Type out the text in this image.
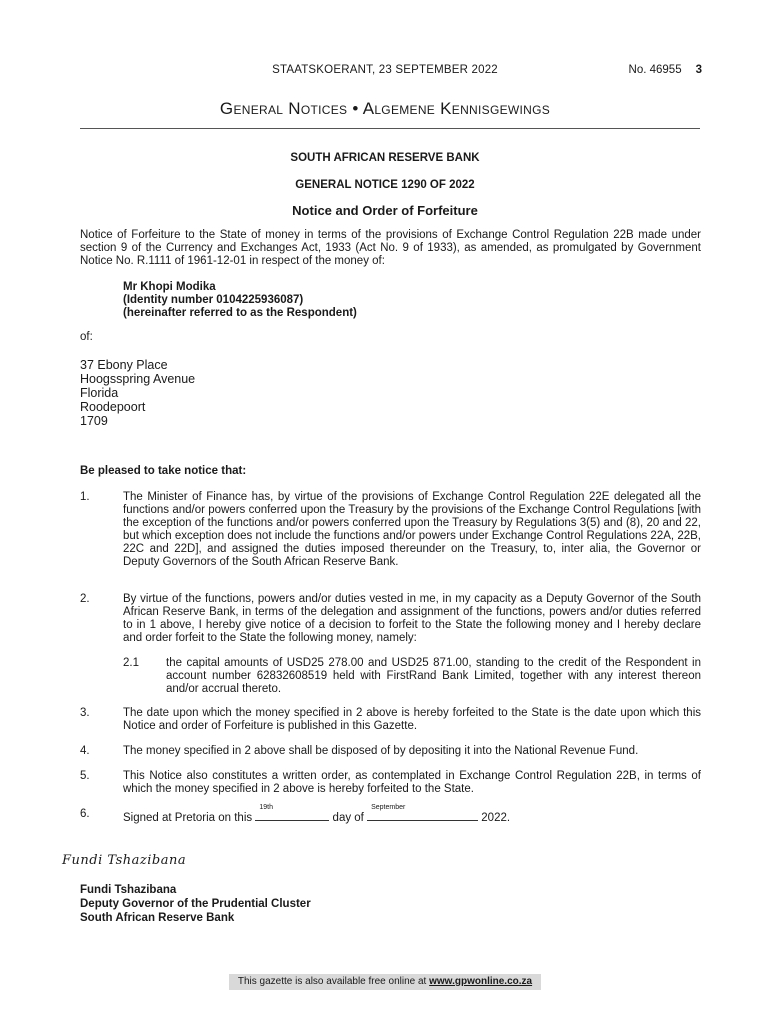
STAATSKOERANT, 23 SEPTEMBER 2022	No. 46955 3
General Notices • Algemene Kennisgewings
SOUTH AFRICAN RESERVE BANK
GENERAL NOTICE 1290 OF 2022
Notice and Order of Forfeiture
Notice of Forfeiture to the State of money in terms of the provisions of Exchange Control Regulation 22B made under section 9 of the Currency and Exchanges Act, 1933 (Act No. 9 of 1933), as amended, as promulgated by Government Notice No. R.1111 of 1961-12-01 in respect of the money of:
Mr Khopi Modika
(Identity number 0104225936087)
(hereinafter referred to as the Respondent)
of:
37 Ebony Place
Hoogsspring Avenue
Florida
Roodepoort
1709
Be pleased to take notice that:
1.	The Minister of Finance has, by virtue of the provisions of Exchange Control Regulation 22E delegated all the functions and/or powers conferred upon the Treasury by the provisions of the Exchange Control Regulations [with the exception of the functions and/or powers conferred upon the Treasury by Regulations 3(5) and (8), 20 and 22, but which exception does not include the functions and/or powers under Exchange Control Regulations 22A, 22B, 22C and 22D], and assigned the duties imposed thereunder on the Treasury, to, inter alia, the Governor or Deputy Governors of the South African Reserve Bank.
2.	By virtue of the functions, powers and/or duties vested in me, in my capacity as a Deputy Governor of the South African Reserve Bank, in terms of the delegation and assignment of the functions, powers and/or duties referred to in 1 above, I hereby give notice of a decision to forfeit to the State the following money and I hereby declare and order forfeit to the State the following money, namely:
2.1 the capital amounts of USD25 278.00 and USD25 871.00, standing to the credit of the Respondent in account number 62832608519 held with FirstRand Bank Limited, together with any interest thereon and/or accrual thereto.
3.	The date upon which the money specified in 2 above is hereby forfeited to the State is the date upon which this Notice and order of Forfeiture is published in this Gazette.
4.	The money specified in 2 above shall be disposed of by depositing it into the National Revenue Fund.
5.	This Notice also constitutes a written order, as contemplated in Exchange Control Regulation 22B, in terms of which the money specified in 2 above is hereby forfeited to the State.
6.	Signed at Pretoria on this
19th
day of
September
2022.
Fundi Tshazibana
Fundi Tshazibana
Deputy Governor of the Prudential Cluster
South African Reserve Bank
This gazette is also available free online at www.gpwonline.co.za
